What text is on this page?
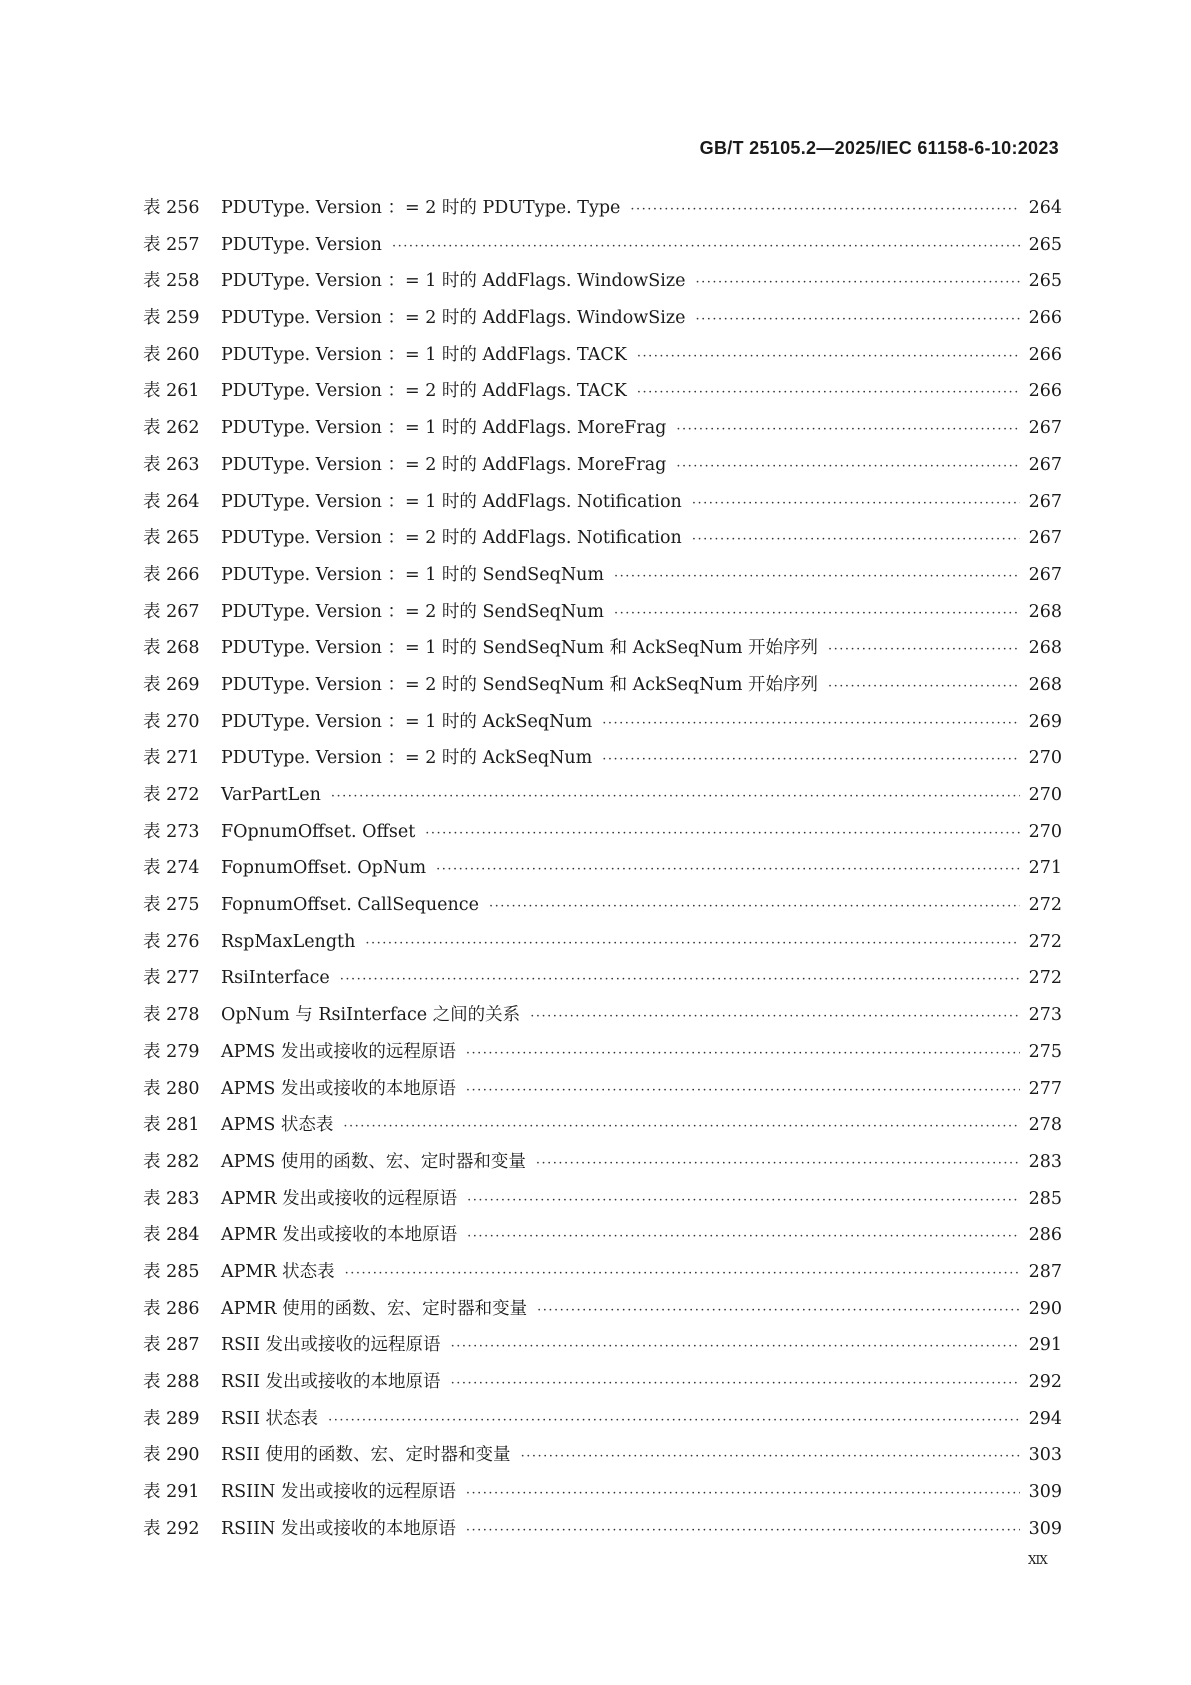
GB/T 25105.2—2025/IEC 61158-6-10:2023
表 256	PDUType. Version ：= 2 时的 PDUType. Type ·····	264
表 257	PDUType. Version ·····	265
表 258	PDUType. Version ：= 1 时的 AddFlags. WindowSize ·····	265
表 259	PDUType. Version ：= 2 时的 AddFlags. WindowSize ·····	266
表 260	PDUType. Version ：= 1 时的 AddFlags. TACK ·····	266
表 261	PDUType. Version ：= 2 时的 AddFlags. TACK ·····	266
表 262	PDUType. Version ：= 1 时的 AddFlags. MoreFrag ·····	267
表 263	PDUType. Version ：= 2 时的 AddFlags. MoreFrag ·····	267
表 264	PDUType. Version ：= 1 时的 AddFlags. Notification ·····	267
表 265	PDUType. Version ：= 2 时的 AddFlags. Notification ·····	267
表 266	PDUType. Version ：= 1 时的 SendSeqNum ·····	267
表 267	PDUType. Version ：= 2 时的 SendSeqNum ·····	268
表 268	PDUType. Version ：= 1 时的 SendSeqNum 和 AckSeqNum 开始序列 ·····	268
表 269	PDUType. Version ：= 2 时的 SendSeqNum 和 AckSeqNum 开始序列 ·····	268
表 270	PDUType. Version ：= 1 时的 AckSeqNum ·····	269
表 271	PDUType. Version ：= 2 时的 AckSeqNum ·····	270
表 272	VarPartLen ·····	270
表 273	FOpnumOffset. Offset ·····	270
表 274	FopnumOffset. OpNum ·····	271
表 275	FopnumOffset. CallSequence ·····	272
表 276	RspMaxLength ·····	272
表 277	RsiInterface ·····	272
表 278	OpNum 与 RsiInterface 之间的关系 ·····	273
表 279	APMS 发出或接收的远程原语 ·····	275
表 280	APMS 发出或接收的本地原语 ·····	277
表 281	APMS 状态表 ·····	278
表 282	APMS 使用的函数、宏、定时器和变量 ·····	283
表 283	APMR 发出或接收的远程原语 ·····	285
表 284	APMR 发出或接收的本地原语 ·····	286
表 285	APMR 状态表 ·····	287
表 286	APMR 使用的函数、宏、定时器和变量 ·····	290
表 287	RSII 发出或接收的远程原语 ·····	291
表 288	RSII 发出或接收的本地原语 ·····	292
表 289	RSII 状态表 ·····	294
表 290	RSII 使用的函数、宏、定时器和变量 ·····	303
表 291	RSIIN 发出或接收的远程原语 ·····	309
表 292	RSIIN 发出或接收的本地原语 ·····	309
XIX
